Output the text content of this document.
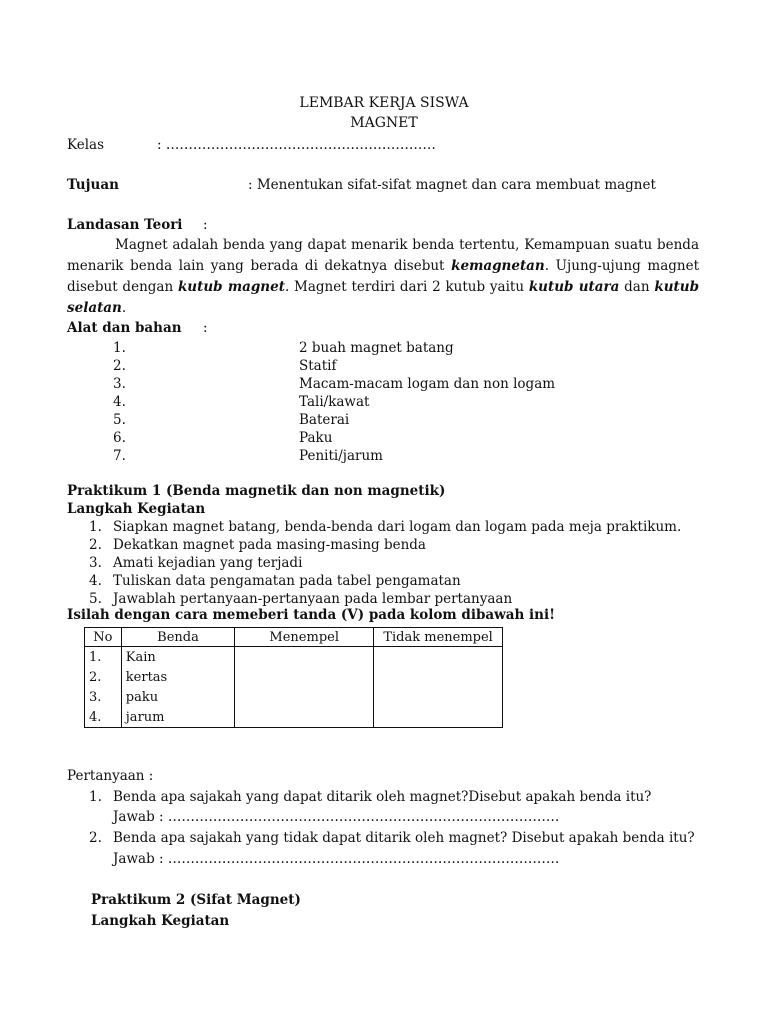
LEMBAR KERJA SISWA
MAGNET
Kelas	: ……………………………………………………
Tujuan	: Menentukan sifat-sifat magnet dan cara membuat magnet
Landasan Teori :
Magnet adalah benda yang dapat menarik benda tertentu, Kemampuan suatu benda menarik benda lain yang berada di dekatnya disebut kemagnetan. Ujung-ujung magnet disebut dengan kutub magnet. Magnet terdiri dari 2 kutub yaitu kutub utara dan kutub selatan.
Alat dan bahan :
1.	2 buah magnet batang
2.	Statif
3.	Macam-macam logam dan non logam
4.	Tali/kawat
5.	Baterai
6.	Paku
7.	Peniti/jarum
Praktikum 1 (Benda magnetik dan non magnetik)
Langkah Kegiatan
1. Siapkan magnet batang, benda-benda dari logam dan logam pada meja praktikum.
2. Dekatkan magnet pada masing-masing benda
3. Amati kejadian yang terjadi
4. Tuliskan data pengamatan pada tabel pengamatan
5. Jawablah pertanyaan-pertanyaan pada lembar pertanyaan
Isilah dengan cara memeberi tanda (V) pada kolom dibawah ini!
No	Benda	Menempel	Tidak menempel
1.	Kain		
2.	kertas		
3.	paku		
4.	jarum		
Pertanyaan :
1. Benda apa sajakah yang dapat ditarik oleh magnet?Disebut apakah benda itu?
Jawab : ……………………………………………………………………………
2. Benda apa sajakah yang tidak dapat ditarik oleh magnet? Disebut apakah benda itu?
Jawab : ……………………………………………………………………………
Praktikum 2 (Sifat Magnet)
Langkah Kegiatan
